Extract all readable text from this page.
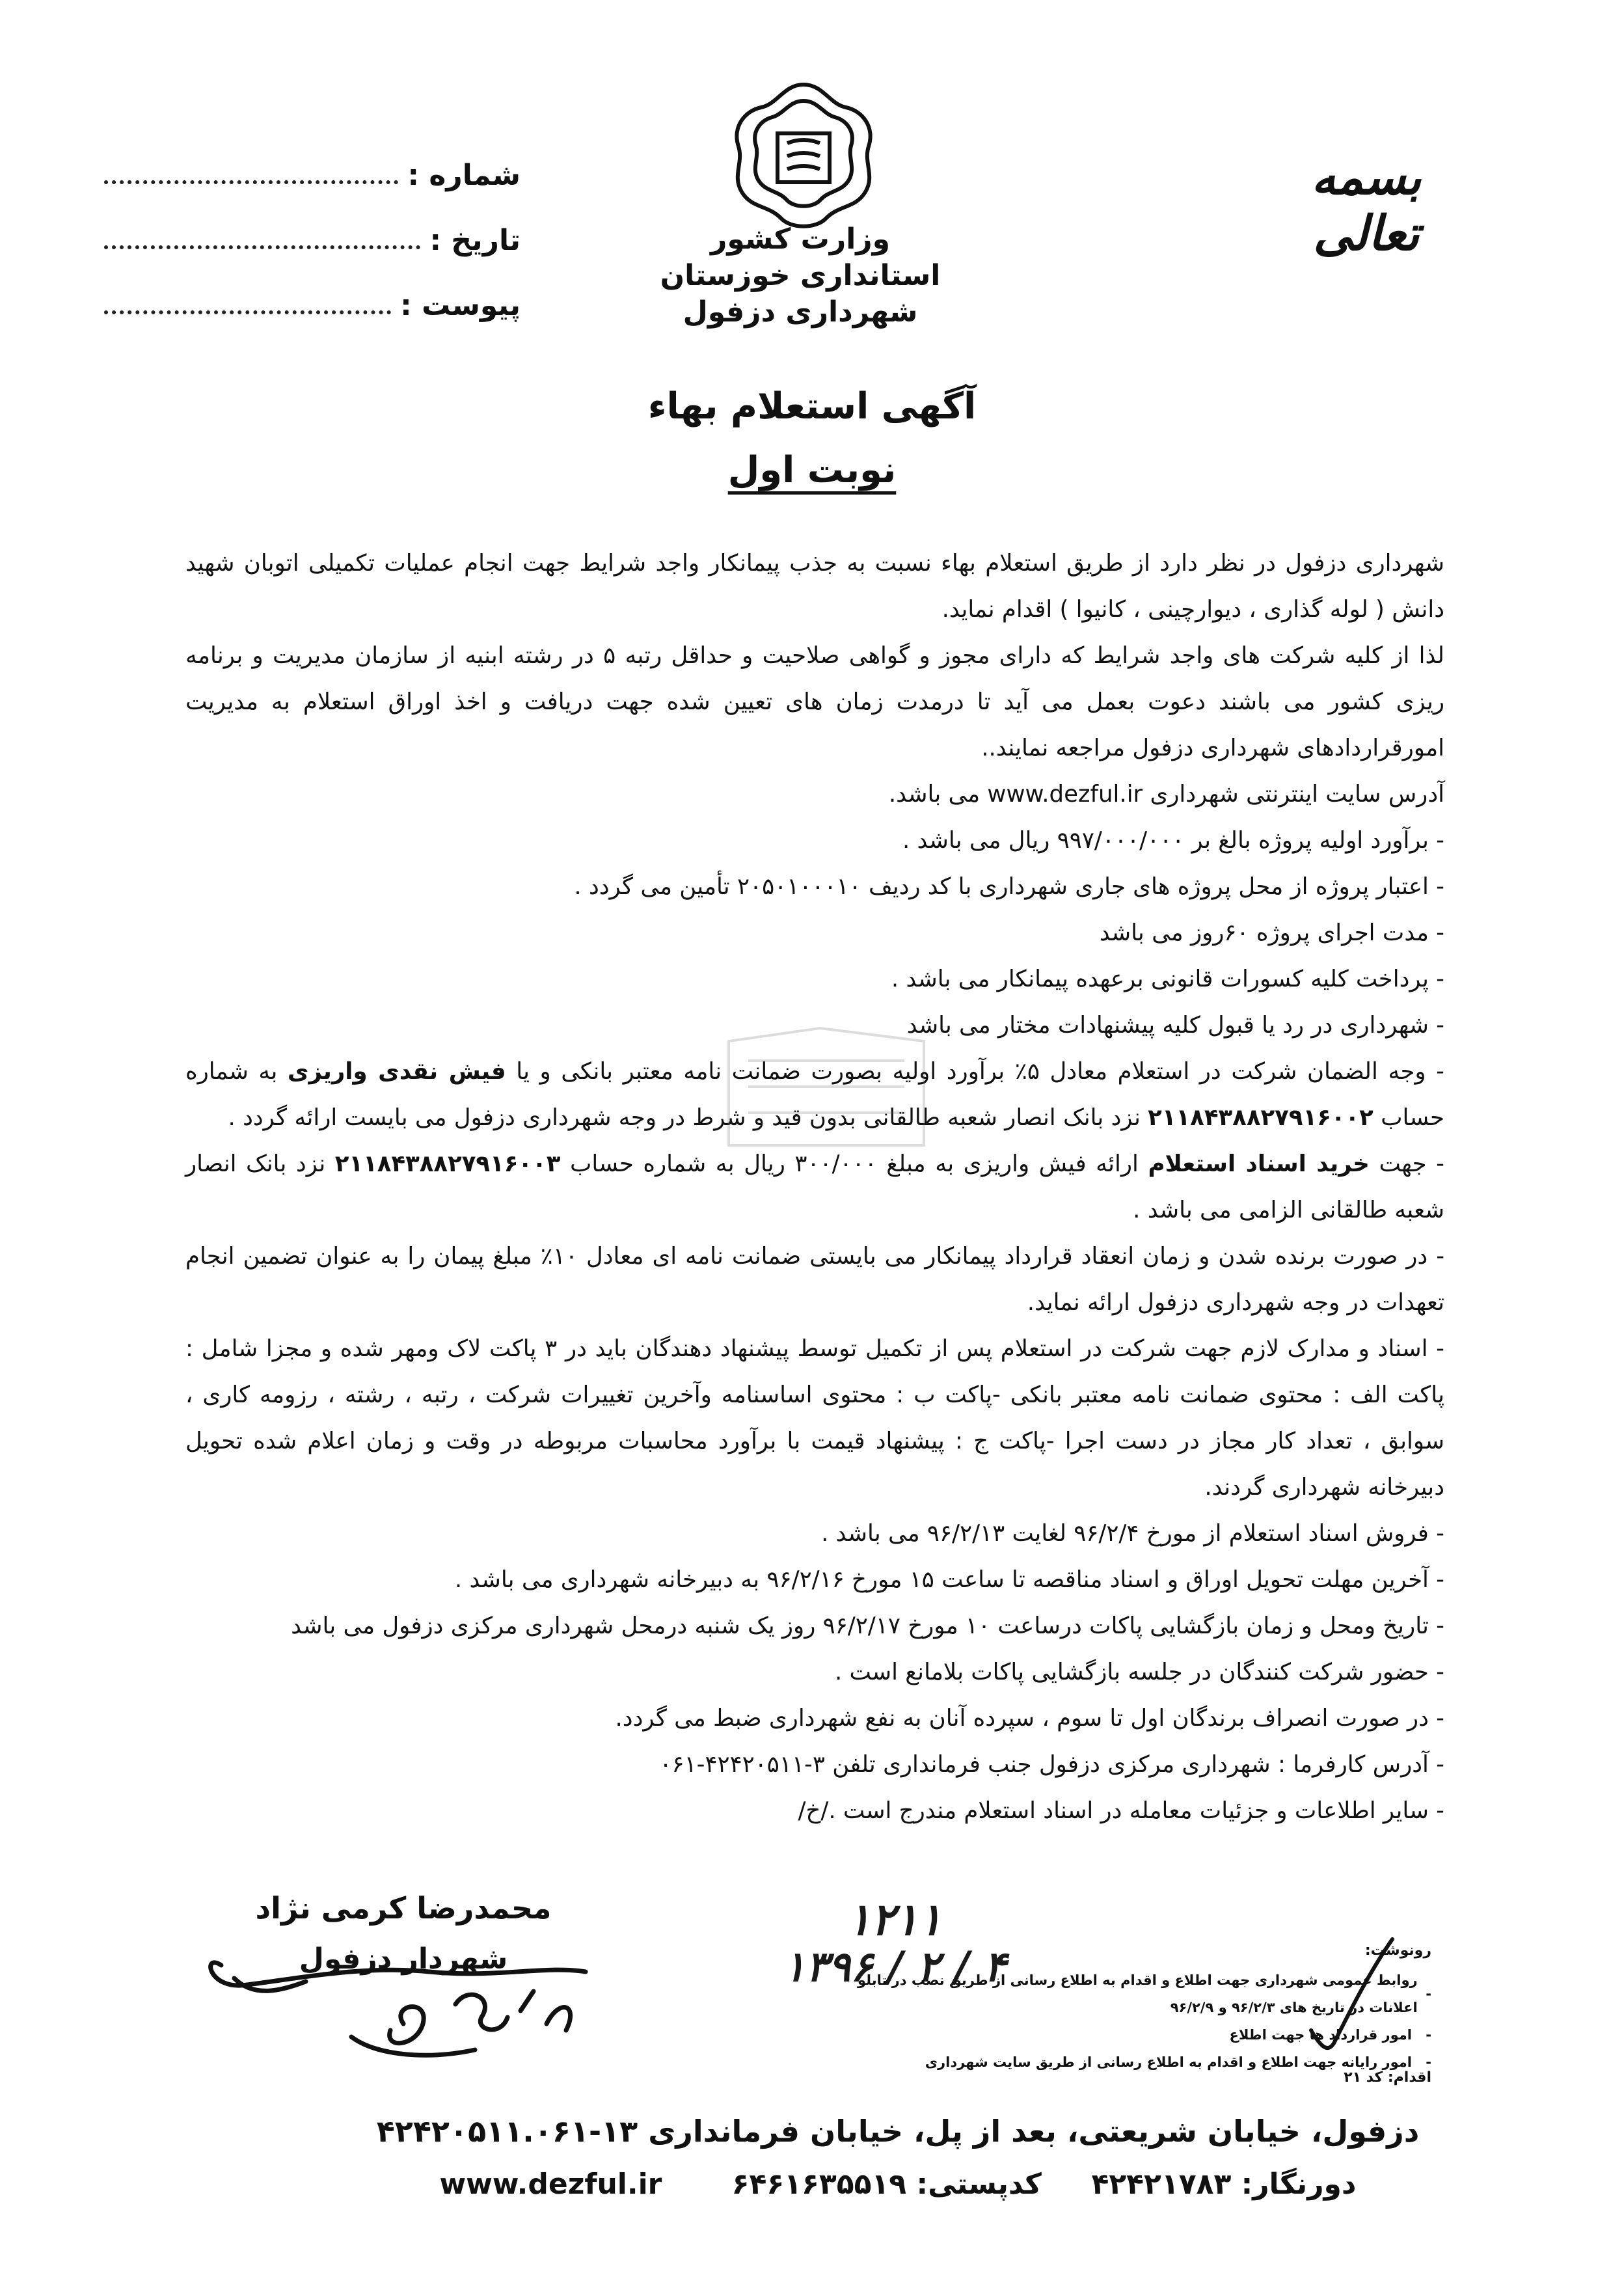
شماره :
تاریخ :
پیوست :
وزارت کشور
استانداری خوزستان
شهرداری دزفول
بسمه تعالی
آگهی استعلام بهاء
نوبت اول

شهرداری دزفول در نظر دارد از طریق استعلام بهاء نسبت به جذب پیمانکار واجد شرایط جهت انجام عملیات تکمیلی اتوبان شهید دانش ( لوله گذاری ، دیوارچینی ، کانیوا ) اقدام نماید.

لذا از کلیه شرکت های واجد شرایط که دارای مجوز و گواهی صلاحیت و حداقل رتبه ۵ در رشته ابنیه از سازمان مدیریت و برنامه ریزی کشور می باشند دعوت بعمل می آید تا درمدت زمان های تعیین شده جهت دریافت و اخذ اوراق استعلام به مدیریت امورقراردادهای شهرداری دزفول مراجعه نمایند..

آدرس سایت اینترنتی شهرداری www.dezful.ir می باشد.

- برآورد اولیه پروژه بالغ بر ۹۹۷/۰۰۰/۰۰۰ ریال می باشد .

- اعتبار پروژه از محل پروژه های جاری شهرداری با کد ردیف ۲۰۵۰۱۰۰۰۱۰ تأمین می گردد .

- مدت اجرای پروژه ۶۰روز می باشد

- پرداخت کلیه کسورات قانونی برعهده پیمانکار می باشد .

- شهرداری در رد یا قبول کلیه پیشنهادات مختار می باشد

- وجه الضمان شرکت در استعلام معادل ۵٪ برآورد اولیه بصورت ضمانت نامه معتبر بانکی و یا فیش نقدی واریزی به شماره حساب ۲۱۱۸۴۳۸۸۲۷۹۱۶۰۰۲ نزد بانک انصار شعبه طالقانی بدون قید و شرط در وجه شهرداری دزفول می بایست ارائه گردد .

- جهت خرید اسناد استعلام ارائه فیش واریزی به مبلغ ۳۰۰/۰۰۰ ریال به شماره حساب ۲۱۱۸۴۳۸۸۲۷۹۱۶۰۰۳ نزد بانک انصار شعبه طالقانی الزامی می باشد .

- در صورت برنده شدن و زمان انعقاد قرارداد پیمانکار می بایستی ضمانت نامه ای معادل ۱۰٪ مبلغ پیمان را به عنوان تضمین انجام تعهدات در وجه شهرداری دزفول ارائه نماید.

- اسناد و مدارک لازم جهت شرکت در استعلام پس از تکمیل توسط پیشنهاد دهندگان باید در ۳ پاکت لاک ومهر شده و مجزا شامل : پاکت الف : محتوی ضمانت نامه معتبر بانکی -پاکت ب : محتوی اساسنامه وآخرین تغییرات شرکت ، رتبه ، رشته ، رزومه کاری ، سوابق ، تعداد کار مجاز در دست اجرا -پاکت ج : پیشنهاد قیمت با برآورد محاسبات مربوطه در وقت و زمان اعلام شده تحویل دبیرخانه شهرداری گردند.

- فروش اسناد استعلام از مورخ ۹۶/۲/۴ لغایت ۹۶/۲/۱۳ می باشد .

- آخرین مهلت تحویل اوراق و اسناد مناقصه تا ساعت ۱۵ مورخ ۹۶/۲/۱۶ به دبیرخانه شهرداری می باشد .

- تاریخ ومحل و زمان بازگشایی پاکات درساعت ۱۰ مورخ ۹۶/۲/۱۷ روز یک شنبه درمحل شهرداری مرکزی دزفول می باشد

- حضور شرکت کنندگان در جلسه بازگشایی پاکات بلامانع است .

- در صورت انصراف برندگان اول تا سوم ، سپرده آنان به نفع شهرداری ضبط می گردد.

- آدرس کارفرما : شهرداری مرکزی دزفول جنب فرمانداری تلفن ۳-۴۲۴۲۰۵۱۱-۰۶۱

- سایر اطلاعات و جزئیات معامله در اسناد استعلام مندرج است ./خ/

محمدرضا کرمی نژاد
شهردار دزفول
۱۲۱۱
۱۳۹۶ / ۲ / ۴	رونوشت:
-
روابط عمومی شهرداری جهت اطلاع و اقدام به اطلاع رسانی از طریق نصب در تابلو اعلانات در تاریخ های ۹۶/۲/۳ و ۹۶/۲/۹
-
امور قرارداد ها جهت اطلاع
-
امور رایانه جهت اطلاع و اقدام به اطلاع رسانی از طریق سایت شهرداری
اقدام: کد ۲۱
دزفول، خیابان شریعتی، بعد از پل، خیابان فرمانداری ۱۳-۴۲۴۲۰۵۱۱.۰۶۱
دورنگار: ۴۲۴۲۱۷۸۳     کدپستی: ۶۴۶۱۶۳۵۵۱۹       www.dezful.ir
